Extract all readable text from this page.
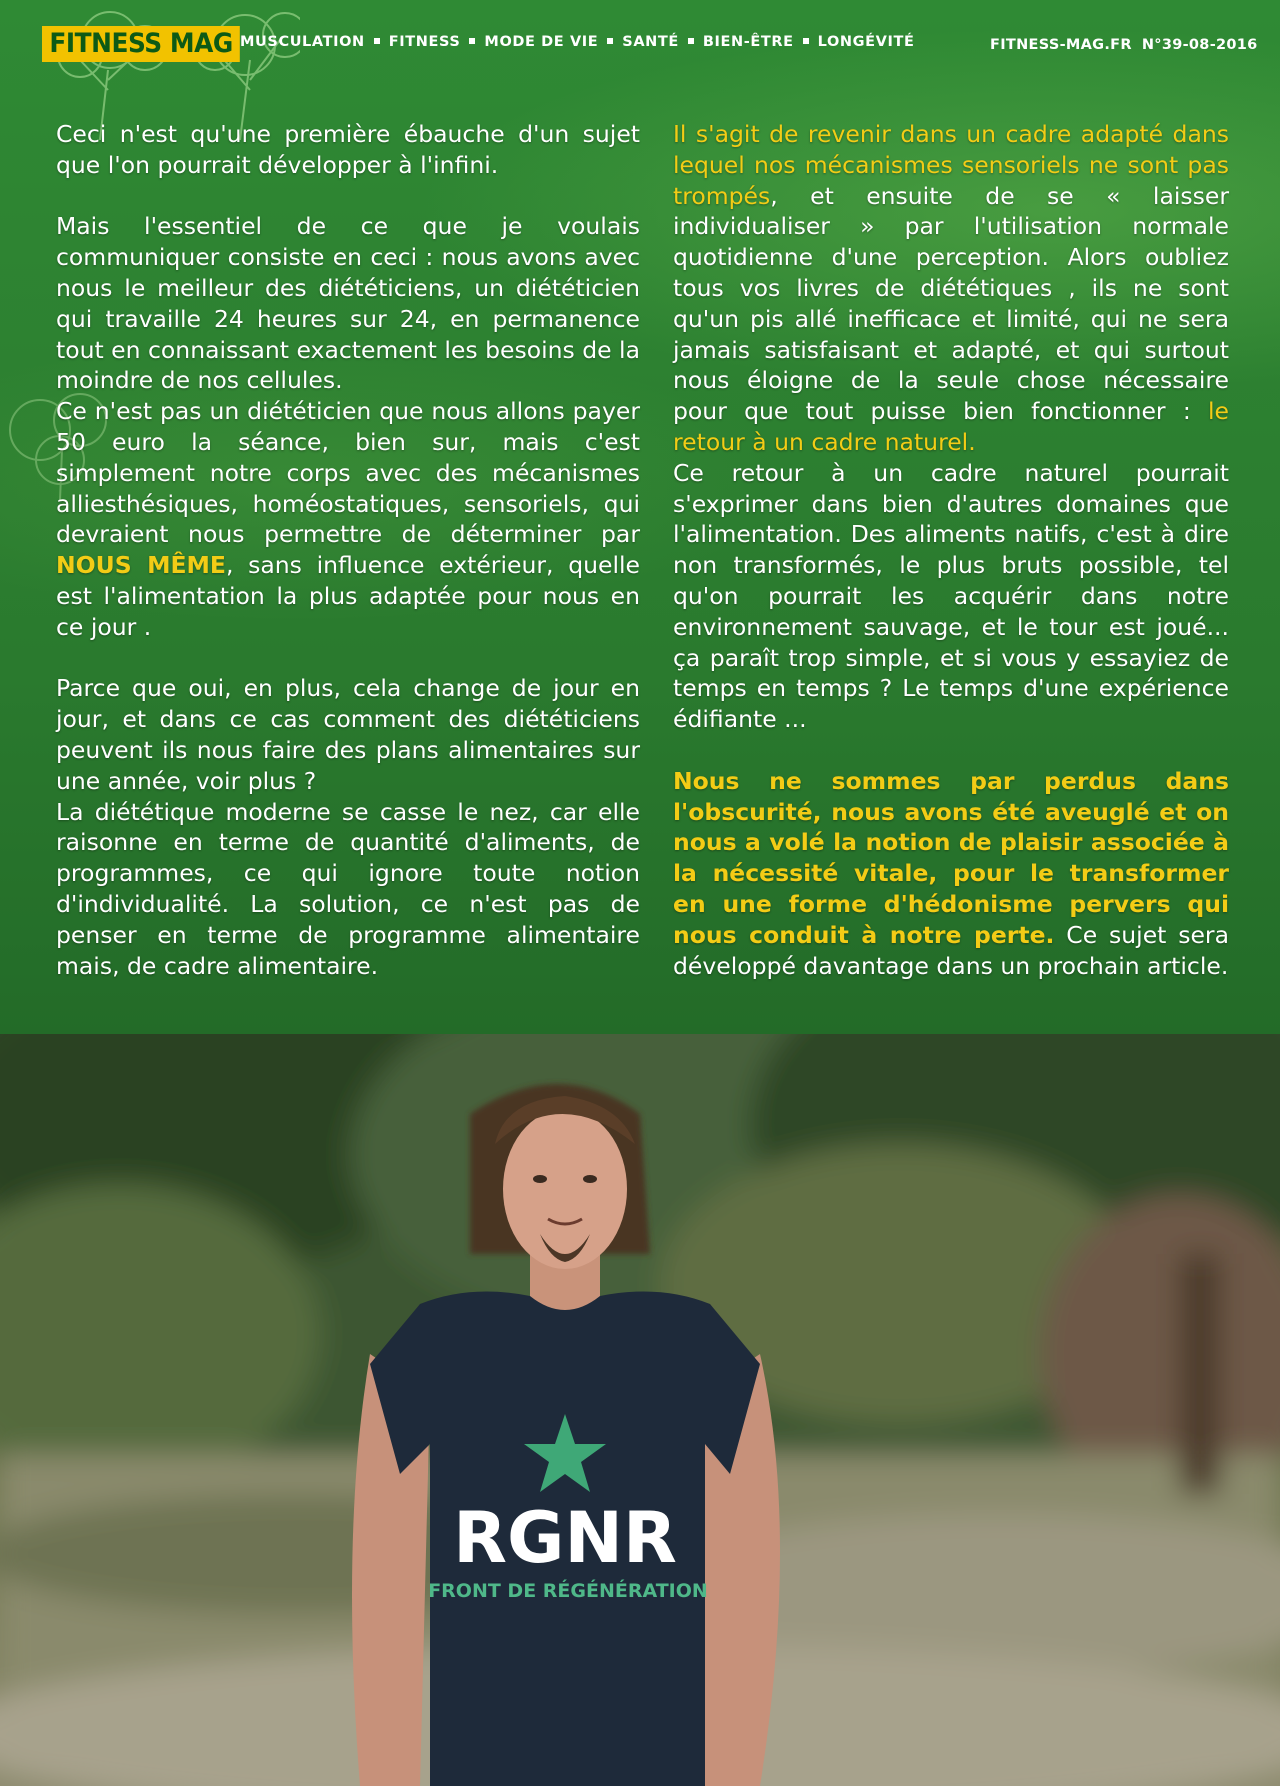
FITNESS MAG MUSCULATION FITNESS MODE DE VIE SANTÉ BIEN-ÊTRE LONGÉVITÉ	FITNESS-MAG.FR N°39-08-2016

Ceci n'est qu'une première ébauche d'un sujet que l'on pourrait développer à l'infini.

Mais l'essentiel de ce que je voulais communiquer consiste en ceci : nous avons avec nous le meilleur des diététiciens, un diététicien qui travaille 24 heures sur 24, en permanence tout en connaissant exactement les besoins de la moindre de nos cellules.

Ce n'est pas un diététicien que nous allons payer 50 euro la séance, bien sur, mais c'est simplement notre corps avec des mécanismes alliesthésiques, homéostatiques, sensoriels, qui devraient nous permettre de déterminer par NOUS MÊME, sans influence extérieur, quelle est l'alimentation la plus adaptée pour nous en ce jour .

Parce que oui, en plus, cela change de jour en jour, et dans ce cas comment des diététiciens peuvent ils nous faire des plans alimentaires sur une année, voir plus ?

La diététique moderne se casse le nez, car elle raisonne en terme de quantité d'aliments, de programmes, ce qui ignore toute notion d'individualité. La solution, ce n'est pas de penser en terme de programme alimentaire mais, de cadre alimentaire.

Il s'agit de revenir dans un cadre adapté dans lequel nos mécanismes sensoriels ne sont pas trompés, et ensuite de se « laisser individualiser » par l'utilisation normale quotidienne d'une perception. Alors oubliez tous vos livres de diététiques , ils ne sont qu'un pis allé inefficace et limité, qui ne sera jamais satisfaisant et adapté, et qui surtout nous éloigne de la seule chose nécessaire pour que tout puisse bien fonctionner : le retour à un cadre naturel.

Ce retour à un cadre naturel pourrait s'exprimer dans bien d'autres domaines que l'alimentation. Des aliments natifs, c'est à dire non transformés, le plus bruts possible, tel qu'on pourrait les acquérir dans notre environnement sauvage, et le tour est joué... ça paraît trop simple, et si vous y essayiez de temps en temps ? Le temps d'une expérience édifiante ...

Nous ne sommes par perdus dans l'obscurité, nous avons été aveuglé et on nous a volé la notion de plaisir associée à la nécessité vitale, pour le transformer en une forme d'hédonisme pervers qui nous conduit à notre perte. Ce sujet sera développé davantage dans un prochain article.

RGNR
FRONT DE RÉGÉNÉRATION
